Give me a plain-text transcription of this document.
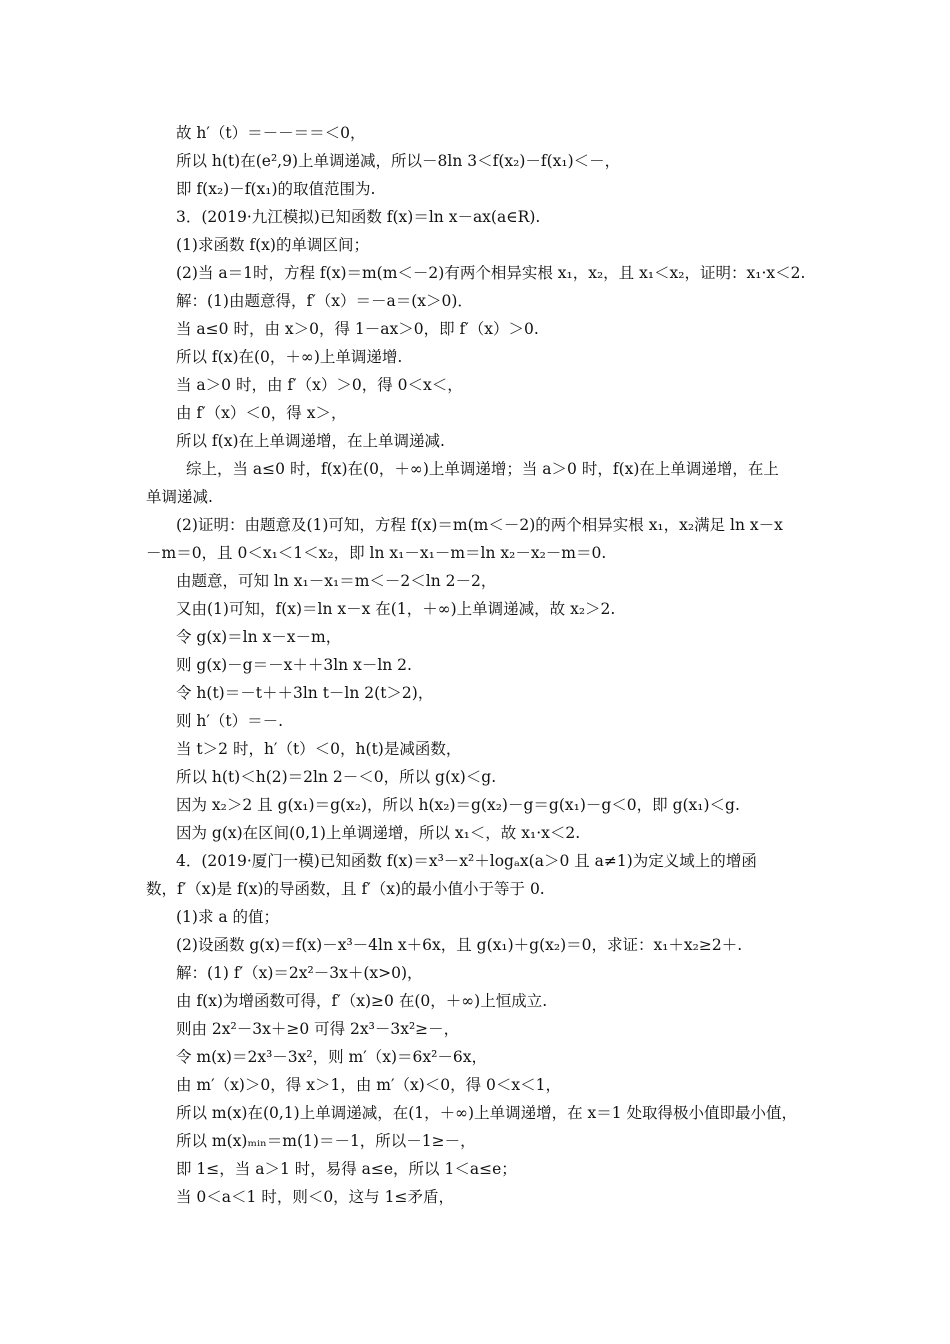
故 h′（t）＝－－＝＝＜0，
所以 h(t)在(e²,9)上单调递减，所以－8ln 3＜f(x₂)－f(x₁)＜－，
即 f(x₂)－f(x₁)的取值范围为.
3．(2019·九江模拟)已知函数 f(x)＝ln x－ax(a∈R).
(1)求函数 f(x)的单调区间；
(2)当 a＝1时，方程 f(x)＝m(m＜－2)有两个相异实根 x₁，x₂，且 x₁＜x₂，证明：x₁·x＜2.
解：(1)由题意得，f′（x）＝－a＝(x＞0)．
当 a≤0 时，由 x＞0，得 1－ax＞0，即 f′（x）＞0.
所以 f(x)在(0，＋∞)上单调递增.
当 a＞0 时，由 f′（x）＞0，得 0＜x＜，
由 f′（x）＜0，得 x＞，
所以 f(x)在上单调递增，在上单调递减.
综上，当 a≤0 时，f(x)在(0，＋∞)上单调递增；当 a＞0 时，f(x)在上单调递增，在上
单调递减.
(2)证明：由题意及(1)可知，方程 f(x)＝m(m＜－2)的两个相异实根 x₁，x₂满足 ln x－x
－m＝0，且 0＜x₁＜1＜x₂，即 ln x₁－x₁－m＝ln x₂－x₂－m＝0.
由题意，可知 ln x₁－x₁＝m＜－2＜ln 2－2，
又由(1)可知，f(x)＝ln x－x 在(1，＋∞)上单调递减，故 x₂＞2.
令 g(x)＝ln x－x－m，
则 g(x)－g＝－x＋＋3ln x－ln 2.
令 h(t)＝－t＋＋3ln t－ln 2(t＞2)，
则 h′（t）＝－.
当 t＞2 时，h′（t）＜0，h(t)是减函数，
所以 h(t)＜h(2)＝2ln 2－＜0，所以 g(x)＜g.
因为 x₂＞2 且 g(x₁)＝g(x₂)，所以 h(x₂)＝g(x₂)－g＝g(x₁)－g＜0，即 g(x₁)＜g.
因为 g(x)在区间(0,1)上单调递增，所以 x₁＜，故 x₁·x＜2.
4．(2019·厦门一模)已知函数 f(x)＝x³－x²＋logₐx(a＞0 且 a≠1)为定义域上的增函
数，f′（x)是 f(x)的导函数，且 f′（x)的最小值小于等于 0.
(1)求 a 的值；
(2)设函数 g(x)＝f(x)－x³－4ln x＋6x，且 g(x₁)＋g(x₂)＝0，求证：x₁＋x₂≥2＋.
解：(1) f′（x)＝2x²－3x＋(x>0)，
由 f(x)为增函数可得，f′（x)≥0 在(0，＋∞)上恒成立.
则由 2x²－3x＋≥0 可得 2x³－3x²≥－，
令 m(x)＝2x³－3x²，则 m′（x)＝6x²－6x，
由 m′（x)＞0，得 x＞1，由 m′（x)＜0，得 0＜x＜1，
所以 m(x)在(0,1)上单调递减，在(1，＋∞)上单调递增，在 x＝1 处取得极小值即最小值，
所以 m(x)ₘᵢₙ＝m(1)＝－1，所以－1≥－，
即 1≤，当 a＞1 时，易得 a≤e，所以 1＜a≤e；
当 0＜a＜1 时，则＜0，这与 1≤矛盾，
